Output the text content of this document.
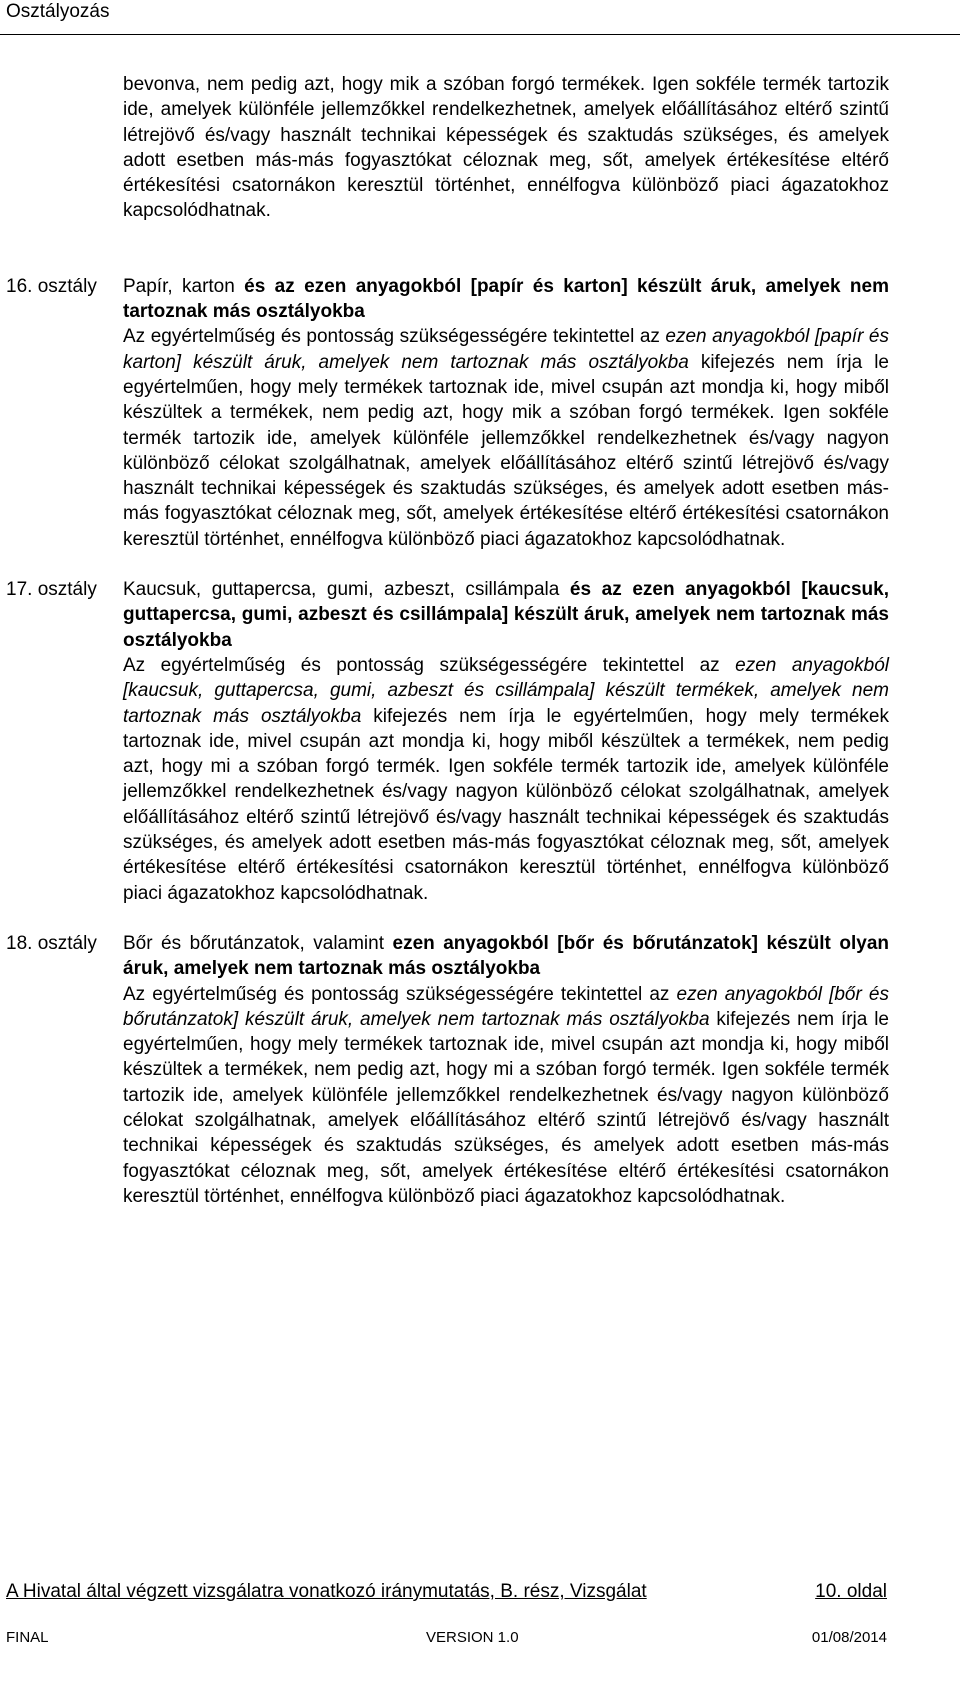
Osztályozás

bevonva, nem pedig azt, hogy mik a szóban forgó termékek. Igen sokféle termék tartozik ide, amelyek különféle jellemzőkkel rendelkezhetnek, amelyek előállításához eltérő szintű létrejövő és/vagy használt technikai képességek és szaktudás szükséges, és amelyek adott esetben más-más fogyasztókat céloznak meg, sőt, amelyek értékesítése eltérő értékesítési csatornákon keresztül történhet, ennélfogva különböző piaci ágazatokhoz kapcsolódhatnak.

16. osztály Papír, karton és az ezen anyagokból [papír és karton] készült áruk, amelyek nem tartoznak más osztályokba

Az egyértelműség és pontosság szükségességére tekintettel az ezen anyagokból [papír és karton] készült áruk, amelyek nem tartoznak más osztályokba kifejezés nem írja le egyértelműen, hogy mely termékek tartoznak ide, mivel csupán azt mondja ki, hogy miből készültek a termékek, nem pedig azt, hogy mik a szóban forgó termékek. Igen sokféle termék tartozik ide, amelyek különféle jellemzőkkel rendelkezhetnek és/vagy nagyon különböző célokat szolgálhatnak, amelyek előállításához eltérő szintű létrejövő és/vagy használt technikai képességek és szaktudás szükséges, és amelyek adott esetben más-más fogyasztókat céloznak meg, sőt, amelyek értékesítése eltérő értékesítési csatornákon keresztül történhet, ennélfogva különböző piaci ágazatokhoz kapcsolódhatnak.

17. osztály Kaucsuk, guttapercsa, gumi, azbeszt, csillámpala és az ezen anyagokból [kaucsuk, guttapercsa, gumi, azbeszt és csillámpala] készült áruk, amelyek nem tartoznak más osztályokba

Az egyértelműség és pontosság szükségességére tekintettel az ezen anyagokból [kaucsuk, guttapercsa, gumi, azbeszt és csillámpala] készült termékek, amelyek nem tartoznak más osztályokba kifejezés nem írja le egyértelműen, hogy mely termékek tartoznak ide, mivel csupán azt mondja ki, hogy miből készültek a termékek, nem pedig azt, hogy mi a szóban forgó termék. Igen sokféle termék tartozik ide, amelyek különféle jellemzőkkel rendelkezhetnek és/vagy nagyon különböző célokat szolgálhatnak, amelyek előállításához eltérő szintű létrejövő és/vagy használt technikai képességek és szaktudás szükséges, és amelyek adott esetben más-más fogyasztókat céloznak meg, sőt, amelyek értékesítése eltérő értékesítési csatornákon keresztül történhet, ennélfogva különböző piaci ágazatokhoz kapcsolódhatnak.

18. osztály Bőr és bőrutánzatok, valamint ezen anyagokból [bőr és bőrutánzatok] készült olyan áruk, amelyek nem tartoznak más osztályokba

Az egyértelműség és pontosság szükségességére tekintettel az ezen anyagokból [bőr és bőrutánzatok] készült áruk, amelyek nem tartoznak más osztályokba kifejezés nem írja le egyértelműen, hogy mely termékek tartoznak ide, mivel csupán azt mondja ki, hogy miből készültek a termékek, nem pedig azt, hogy mi a szóban forgó termék. Igen sokféle termék tartozik ide, amelyek különféle jellemzőkkel rendelkezhetnek és/vagy nagyon különböző célokat szolgálhatnak, amelyek előállításához eltérő szintű létrejövő és/vagy használt technikai képességek és szaktudás szükséges, és amelyek adott esetben más-más fogyasztókat céloznak meg, sőt, amelyek értékesítése eltérő értékesítési csatornákon keresztül történhet, ennélfogva különböző piaci ágazatokhoz kapcsolódhatnak.

A Hivatal által végzett vizsgálatra vonatkozó iránymutatás, B. rész, Vizsgálat	10. oldal
FINAL	VERSION 1.0	01/08/2014
